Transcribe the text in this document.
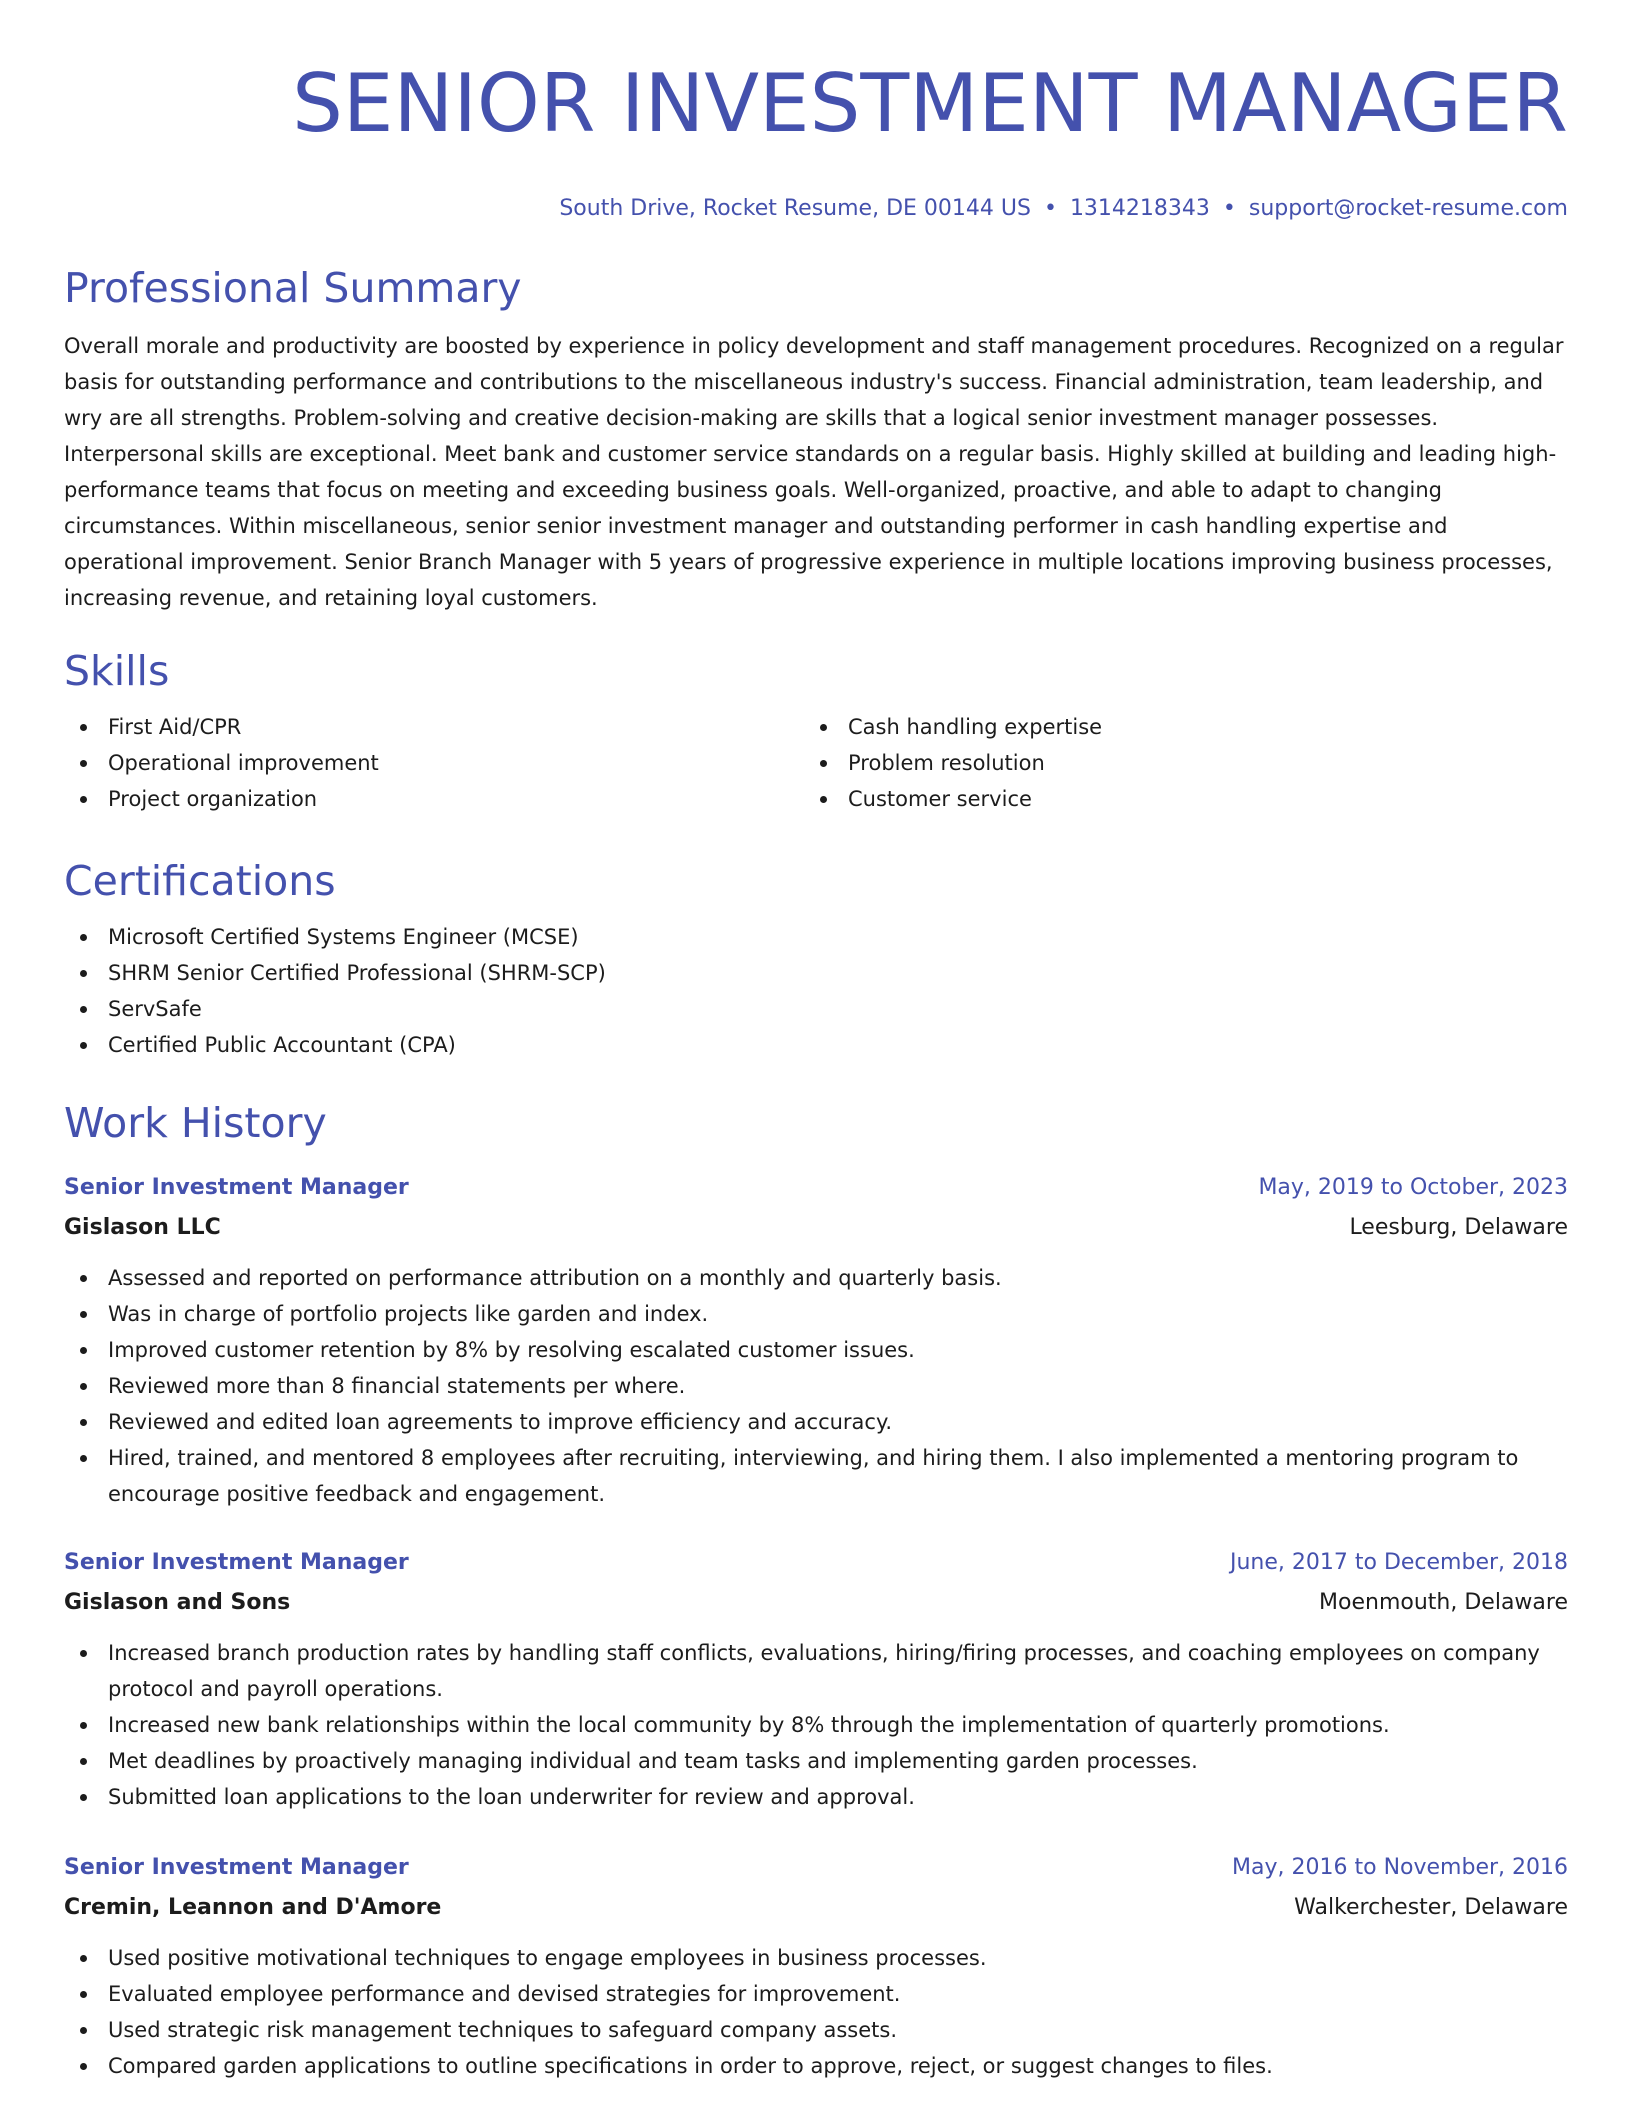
SENIOR INVESTMENT MANAGER
South Drive, Rocket Resume, DE 00144 US • 1314218343 • support@rocket-resume.com
Professional Summary

Overall morale and productivity are boosted by experience in policy development and staff management procedures. Recognized on a regular basis for outstanding performance and contributions to the miscellaneous industry's success. Financial administration, team leadership, and wry are all strengths. Problem-solving and creative decision-making are skills that a logical senior investment manager possesses. Interpersonal skills are exceptional. Meet bank and customer service standards on a regular basis. Highly skilled at building and leading high-performance teams that focus on meeting and exceeding business goals. Well-organized, proactive, and able to adapt to changing circumstances. Within miscellaneous, senior senior investment manager and outstanding performer in cash handling expertise and operational improvement. Senior Branch Manager with 5 years of progressive experience in multiple locations improving business processes, increasing revenue, and retaining loyal customers.

Skills
First Aid/CPR
Operational improvement
Project organization
Cash handling expertise
Problem resolution
Customer service
Certifications
Microsoft Certified Systems Engineer (MCSE)
SHRM Senior Certified Professional (SHRM-SCP)
ServSafe
Certified Public Accountant (CPA)
Work History
Senior Investment Manager	May, 2019 to October, 2023
Gislason LLC	Leesburg, Delaware
Assessed and reported on performance attribution on a monthly and quarterly basis.
Was in charge of portfolio projects like garden and index.
Improved customer retention by 8% by resolving escalated customer issues.
Reviewed more than 8 financial statements per where.
Reviewed and edited loan agreements to improve efficiency and accuracy.
Hired, trained, and mentored 8 employees after recruiting, interviewing, and hiring them. I also implemented a mentoring program to encourage positive feedback and engagement.
Senior Investment Manager	June, 2017 to December, 2018
Gislason and Sons	Moenmouth, Delaware
Increased branch production rates by handling staff conflicts, evaluations, hiring/firing processes, and coaching employees on company protocol and payroll operations.
Increased new bank relationships within the local community by 8% through the implementation of quarterly promotions.
Met deadlines by proactively managing individual and team tasks and implementing garden processes.
Submitted loan applications to the loan underwriter for review and approval.
Senior Investment Manager	May, 2016 to November, 2016
Cremin, Leannon and D'Amore	Walkerchester, Delaware
Used positive motivational techniques to engage employees in business processes.
Evaluated employee performance and devised strategies for improvement.
Used strategic risk management techniques to safeguard company assets.
Compared garden applications to outline specifications in order to approve, reject, or suggest changes to files.
